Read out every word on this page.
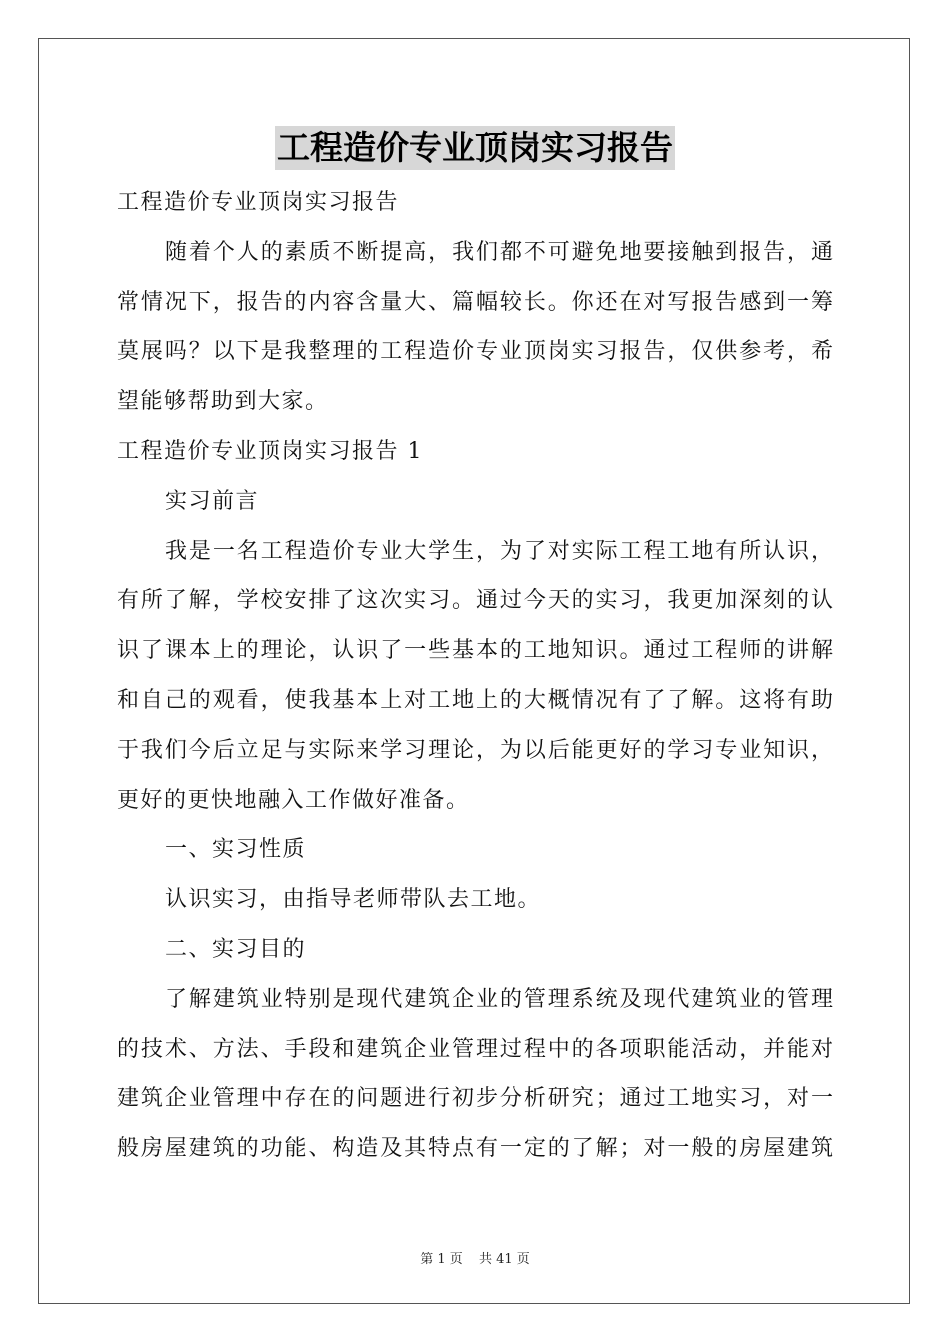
工程造价专业顶岗实习报告
工程造价专业顶岗实习报告
随着个人的素质不断提高，我们都不可避免地要接触到报告，通
常情况下，报告的内容含量大、篇幅较长。你还在对写报告感到一筹
莫展吗？以下是我整理的工程造价专业顶岗实习报告，仅供参考，希
望能够帮助到大家。
工程造价专业顶岗实习报告 1
实习前言
我是一名工程造价专业大学生，为了对实际工程工地有所认识，
有所了解，学校安排了这次实习。通过今天的实习，我更加深刻的认
识了课本上的理论，认识了一些基本的工地知识。通过工程师的讲解
和自己的观看，使我基本上对工地上的大概情况有了了解。这将有助
于我们今后立足与实际来学习理论，为以后能更好的学习专业知识，
更好的更快地融入工作做好准备。
一、实习性质
认识实习，由指导老师带队去工地。
二、实习目的
了解建筑业特别是现代建筑企业的管理系统及现代建筑业的管理
的技术、方法、手段和建筑企业管理过程中的各项职能活动，并能对
建筑企业管理中存在的问题进行初步分析研究；通过工地实习，对一
般房屋建筑的功能、构造及其特点有一定的了解；对一般的房屋建筑
第 1 页 共 41 页
